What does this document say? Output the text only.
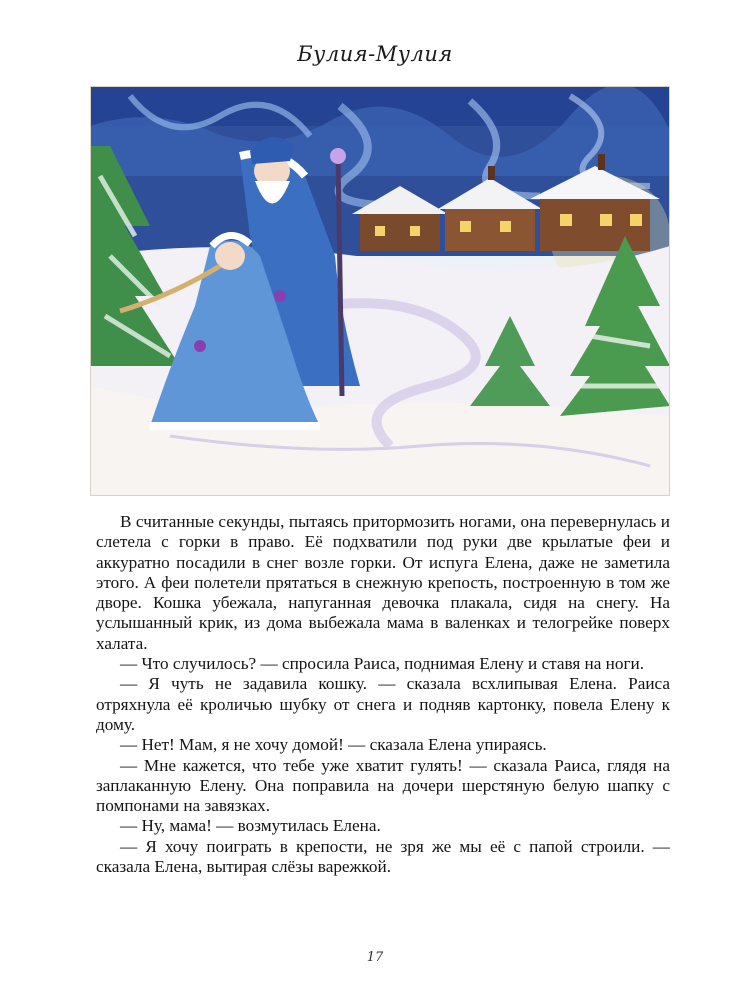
Булия-Мулия

В считанные секунды, пытаясь притормозить ногами, она перевернулась и слетела с горки в право. Её подхватили под руки две крылатые феи и аккуратно посадили в снег возле горки. От испуга Елена, даже не заметила этого. А феи полетели прятаться в снежную крепость, построенную в том же дворе. Кошка убежала, напуганная девочка плакала, сидя на снегу. На услышанный крик, из дома выбежала мама в валенках и телогрейке поверх халата.

— Что случилось? — спросила Раиса, поднимая Елену и ставя на ноги.

— Я чуть не задавила кошку. — сказала всхлипывая Елена. Раиса отряхнула её кроличью шубку от снега и подняв картонку, повела Елену к дому.

— Нет! Мам, я не хочу домой! — сказала Елена упираясь.

— Мне кажется, что тебе уже хватит гулять! — сказала Раиса, глядя на заплаканную Елену. Она поправила на дочери шерстяную белую шапку с помпонами на завязках.

— Ну, мама! — возмутилась Елена.

— Я хочу поиграть в крепости, не зря же мы её с папой строили. — сказала Елена, вытирая слёзы варежкой.

17
